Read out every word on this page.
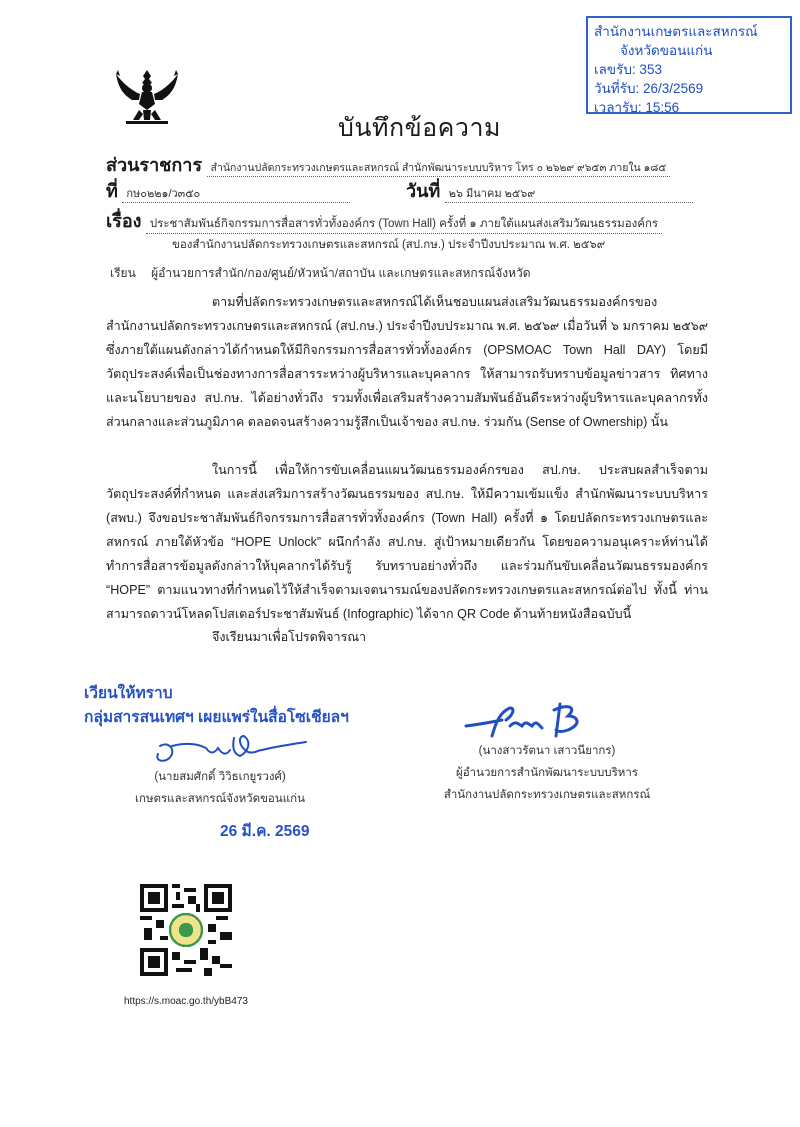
สำนักงานเกษตรและสหกรณ์
จังหวัดขอนแก่น
เลขรับ: 353
วันที่รับ: 26/3/2569
เวลารับ: 15:56
บันทึกข้อความ
ส่วนราชการ สำนักงานปลัดกระทรวงเกษตรและสหกรณ์ สำนักพัฒนาระบบบริหาร โทร ๐ ๒๖๒๙ ๙๖๕๓ ภายใน ๑๘๕
ที่ กษ๐๒๒๑/ว๓๕๐	วันที่ ๒๖ มีนาคม ๒๕๖๙
เรื่อง ประชาสัมพันธ์กิจกรรมการสื่อสารทั่วทั้งองค์กร (Town Hall) ครั้งที่ ๑ ภายใต้แผนส่งเสริมวัฒนธรรมองค์กร
ของสำนักงานปลัดกระทรวงเกษตรและสหกรณ์ (สป.กษ.) ประจำปีงบประมาณ พ.ศ. ๒๕๖๙
เรียน ผู้อำนวยการสำนัก/กอง/ศูนย์/หัวหน้า/สถาบัน และเกษตรและสหกรณ์จังหวัด
ตามที่ปลัดกระทรวงเกษตรและสหกรณ์ได้เห็นชอบแผนส่งเสริมวัฒนธรรมองค์กรของสำนักงานปลัดกระทรวงเกษตรและสหกรณ์ (สป.กษ.) ประจำปีงบประมาณ พ.ศ. ๒๕๖๙ เมื่อวันที่ ๖ มกราคม ๒๕๖๙ ซึ่งภายใต้แผนดังกล่าวได้กำหนดให้มีกิจกรรมการสื่อสารทั่วทั้งองค์กร (OPSMOAC Town Hall DAY) โดยมีวัตถุประสงค์เพื่อเป็นช่องทางการสื่อสารระหว่างผู้บริหารและบุคลากร ให้สามารถรับทราบข้อมูลข่าวสาร ทิศทางและนโยบายของ สป.กษ. ได้อย่างทั่วถึง รวมทั้งเพื่อเสริมสร้างความสัมพันธ์อันดีระหว่างผู้บริหารและบุคลากรทั้งส่วนกลางและส่วนภูมิภาค ตลอดจนสร้างความรู้สึกเป็นเจ้าของ สป.กษ. ร่วมกัน (Sense of Ownership) นั้น
ในการนี้ เพื่อให้การขับเคลื่อนแผนวัฒนธรรมองค์กรของ สป.กษ. ประสบผลสำเร็จตามวัตถุประสงค์ที่กำหนด และส่งเสริมการสร้างวัฒนธรรมของ สป.กษ. ให้มีความเข้มแข็ง สำนักพัฒนาระบบบริหาร (สพบ.) จึงขอประชาสัมพันธ์กิจกรรมการสื่อสารทั่วทั้งองค์กร (Town Hall) ครั้งที่ ๑ โดยปลัดกระทรวงเกษตรและสหกรณ์ ภายใต้หัวข้อ “HOPE Unlock” ผนึกกำลัง สป.กษ. สู่เป้าหมายเดียวกัน โดยขอความอนุเคราะห์ท่านได้ทำการสื่อสารข้อมูลดังกล่าวให้บุคลากรได้รับรู้ รับทราบอย่างทั่วถึง และร่วมกันขับเคลื่อนวัฒนธรรมองค์กร “HOPE” ตามแนวทางที่กำหนดไว้ให้สำเร็จตามเจตนารมณ์ของปลัดกระทรวงเกษตรและสหกรณ์ต่อไป ทั้งนี้ ท่านสามารถดาวน์โหลดโปสเตอร์ประชาสัมพันธ์ (Infographic) ได้จาก QR Code ด้านท้ายหนังสือฉบับนี้
จึงเรียนมาเพื่อโปรดพิจารณา
เวียนให้ทราบ
กลุ่มสารสนเทศฯ เผยแพร่ในสื่อโซเชียลฯ
(นายสมศักดิ์ วิวิธเกยูรวงศ์)
เกษตรและสหกรณ์จังหวัดขอนแก่น
26 มี.ค. 2569
(นางสาวรัตนา เสาวนียากร)
ผู้อำนวยการสำนักพัฒนาระบบบริหาร
สำนักงานปลัดกระทรวงเกษตรและสหกรณ์
https://s.moac.go.th/ybB473
